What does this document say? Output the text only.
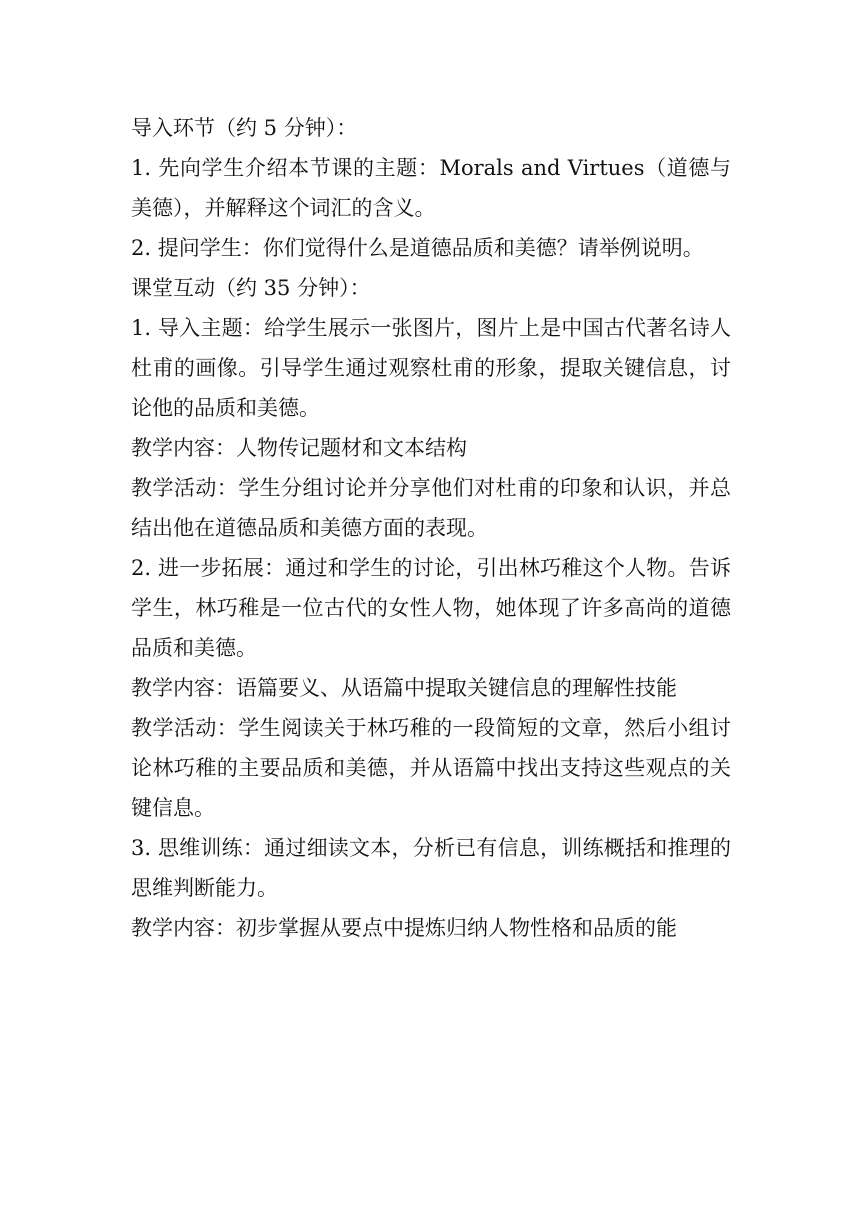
导入环节（约 5 分钟）：

1. 先向学生介绍本节课的主题：Morals and Virtues（道德与美德），并解释这个词汇的含义。

2. 提问学生：你们觉得什么是道德品质和美德？请举例说明。

课堂互动（约 35 分钟）：

1. 导入主题：给学生展示一张图片，图片上是中国古代著名诗人杜甫的画像。引导学生通过观察杜甫的形象，提取关键信息，讨论他的品质和美德。

教学内容：人物传记题材和文本结构

教学活动：学生分组讨论并分享他们对杜甫的印象和认识，并总结出他在道德品质和美德方面的表现。

2. 进一步拓展：通过和学生的讨论，引出林巧稚这个人物。告诉学生，林巧稚是一位古代的女性人物，她体现了许多高尚的道德品质和美德。

教学内容：语篇要义、从语篇中提取关键信息的理解性技能

教学活动：学生阅读关于林巧稚的一段简短的文章，然后小组讨论林巧稚的主要品质和美德，并从语篇中找出支持这些观点的关键信息。

3. 思维训练：通过细读文本，分析已有信息，训练概括和推理的思维判断能力。

教学内容：初步掌握从要点中提炼归纳人物性格和品质的能
